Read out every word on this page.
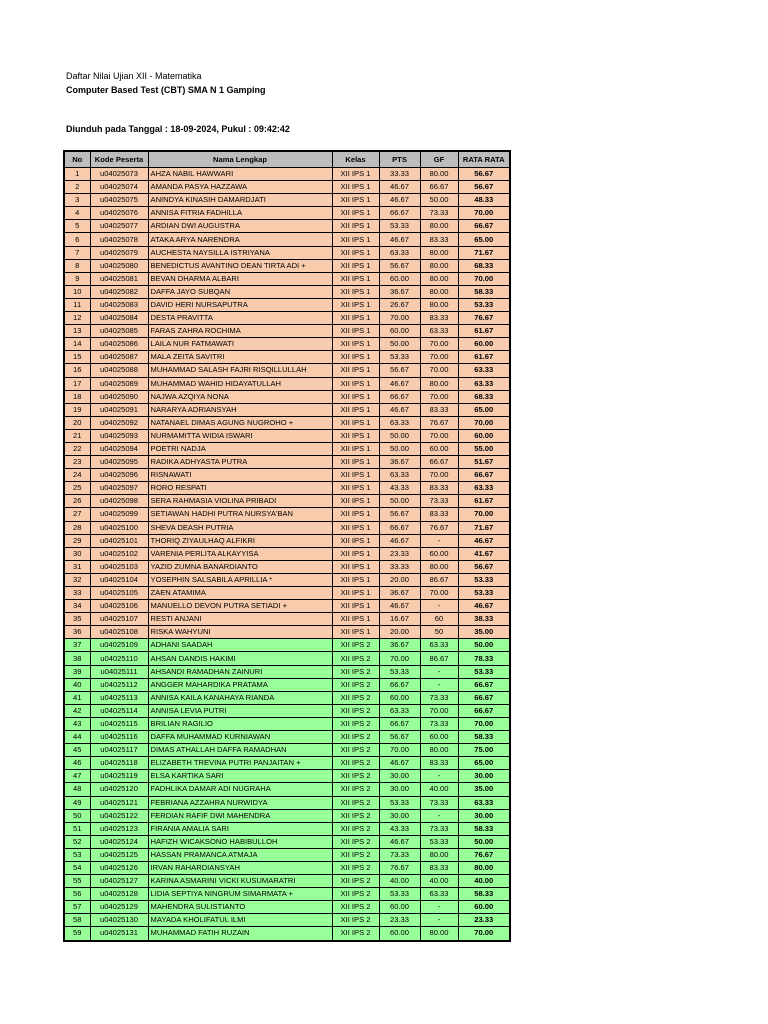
Daftar Nilai Ujian XII - Matematika
Computer Based Test (CBT) SMA N 1 Gamping
Diunduh pada Tanggal : 18-09-2024, Pukul : 09:42:42
No	Kode Peserta	Nama Lengkap	Kelas	PTS	GF	RATA RATA
1	u04025073	AHZA NABIL HAWWARI	XII IPS 1	33.33	80.00	56.67
2	u04025074	AMANDA PASYA HAZZAWA	XII IPS 1	46.67	66.67	56.67
3	u04025075	ANINDYA KINASIH DAMARDJATI	XII IPS 1	46.67	50.00	48.33
4	u04025076	ANNISA FITRIA FADHILLA	XII IPS 1	66.67	73.33	70.00
5	u04025077	ARDIAN DWI AUGUSTRA	XII IPS 1	53.33	80.00	66.67
6	u04025078	ATAKA ARYA NARENDRA	XII IPS 1	46.67	83.33	65.00
7	u04025079	AUCHESTA NAYSILLA ISTRIYANA	XII IPS 1	63.33	80.00	71.67
8	u04025080	BENEDICTUS AVANTINO DEAN TIRTA ADI +	XII IPS 1	56.67	80.00	68.33
9	u04025081	BEVAN DHARMA ALBARI	XII IPS 1	60.00	80.00	70.00
10	u04025082	DAFFA JAYO SUBQAN	XII IPS 1	36.67	80.00	58.33
11	u04025083	DAVID HERI NURSAPUTRA	XII IPS 1	26.67	80.00	53.33
12	u04025084	DESTA PRAVITTA	XII IPS 1	70.00	83.33	76.67
13	u04025085	FARAS ZAHRA ROCHIMA	XII IPS 1	60.00	63.33	61.67
14	u04025086	LAILA NUR FATMAWATI	XII IPS 1	50.00	70.00	60.00
15	u04025087	MALA ZEITA SAVITRI	XII IPS 1	53.33	70.00	61.67
16	u04025088	MUHAMMAD SALASH FAJRI RISQILLULLAH	XII IPS 1	56.67	70.00	63.33
17	u04025089	MUHAMMAD WAHID HIDAYATULLAH	XII IPS 1	46.67	80.00	63.33
18	u04025090	NAJWA AZQIYA NONA	XII IPS 1	66.67	70.00	68.33
19	u04025091	NARARYA ADRIANSYAH	XII IPS 1	46.67	83.33	65.00
20	u04025092	NATANAEL DIMAS AGUNG NUGROHO +	XII IPS 1	63.33	76.67	70.00
21	u04025093	NURMAMITTA WIDIA ISWARI	XII IPS 1	50.00	70.00	60.00
22	u04025094	POETRI NADJA	XII IPS 1	50.00	60.00	55.00
23	u04025095	RADIKA ADHYASTA PUTRA	XII IPS 1	36.67	66.67	51.67
24	u04025096	RISNAWATI	XII IPS 1	63.33	70.00	66.67
25	u04025097	RORO RESPATI	XII IPS 1	43.33	83.33	63.33
26	u04025098	SERA RAHMASIA VIOLINA PRIBADI	XII IPS 1	50.00	73.33	61.67
27	u04025099	SETIAWAN HADHI PUTRA NURSYA'BAN	XII IPS 1	56.67	83.33	70.00
28	u04025100	SHEVA DEASH PUTRIA	XII IPS 1	66.67	76.67	71.67
29	u04025101	THORIQ ZIYAULHAQ ALFIKRI	XII IPS 1	46.67	-	46.67
30	u04025102	VARENIA PERLITA ALKAYYISA	XII IPS 1	23.33	60.00	41.67
31	u04025103	YAZID ZUMNA BANARDIANTO	XII IPS 1	33.33	80.00	56.67
32	u04025104	YOSEPHIN SALSABILA APRILLIA *	XII IPS 1	20.00	86.67	53.33
33	u04025105	ZAEN ATAMIMA	XII IPS 1	36.67	70.00	53.33
34	u04025106	MANUELLO DEVON PUTRA SETIADI +	XII IPS 1	46.67	-	46.67
35	u04025107	RESTI ANJANI	XII IPS 1	16.67	60	38.33
36	u04025108	RISKA WAHYUNI	XII IPS 1	20.00	50	35.00
37	u04025109	ADHANI SAADAH	XII IPS 2	36.67	63.33	50.00
38	u04025110	AHSAN DANDIS HAKIMI	XII IPS 2	70.00	86.67	78.33
39	u04025111	AHSANDI RAMADHAN ZAINURI	XII IPS 2	53.33	-	53.33
40	u04025112	ANGGER MAHARDIKA PRATAMA	XII IPS 2	66.67	-	66.67
41	u04025113	ANNISA KAILA KANAHAYA RIANDA	XII IPS 2	60.00	73.33	66.67
42	u04025114	ANNISA LEVIA PUTRI	XII IPS 2	63.33	70.00	66.67
43	u04025115	BRILIAN RAGILIO	XII IPS 2	66.67	73.33	70.00
44	u04025116	DAFFA MUHAMMAD KURNIAWAN	XII IPS 2	56.67	60.00	58.33
45	u04025117	DIMAS ATHALLAH DAFFA RAMADHAN	XII IPS 2	70.00	80.00	75.00
46	u04025118	ELIZABETH TREVINA PUTRI PANJAITAN +	XII IPS 2	46.67	83.33	65.00
47	u04025119	ELSA KARTIKA SARI	XII IPS 2	30.00	-	30.00
48	u04025120	FADHLIKA DAMAR ADI NUGRAHA	XII IPS 2	30.00	40.00	35.00
49	u04025121	FEBRIANA AZZAHRA NURWIDYA	XII IPS 2	53.33	73.33	63.33
50	u04025122	FERDIAN RAFIF DWI MAHENDRA	XII IPS 2	30.00	-	30.00
51	u04025123	FIRANIA AMALIA SARI	XII IPS 2	43.33	73.33	58.33
52	u04025124	HAFIZH WICAKSONO HABIBULLOH	XII IPS 2	46.67	53.33	50.00
53	u04025125	HASSAN PRAMANCA ATMAJA	XII IPS 2	73.33	80.00	76.67
54	u04025126	IRVAN RAHARDIANSYAH	XII IPS 2	76.67	83.33	80.00
55	u04025127	KARINA ASMARINI VICKI KUSUMARATRI	XII IPS 2	40.00	40.00	40.00
56	u04025128	LIDIA SEPTIYA NINGRUM SIMARMATA +	XII IPS 2	53.33	63.33	58.33
57	u04025129	MAHENDRA SULISTIANTO	XII IPS 2	60.00	-	60.00
58	u04025130	MAYADA KHOLIFATUL ILMI	XII IPS 2	23.33	-	23.33
59	u04025131	MUHAMMAD FATIH RUZAIN	XII IPS 2	60.00	80.00	70.00
